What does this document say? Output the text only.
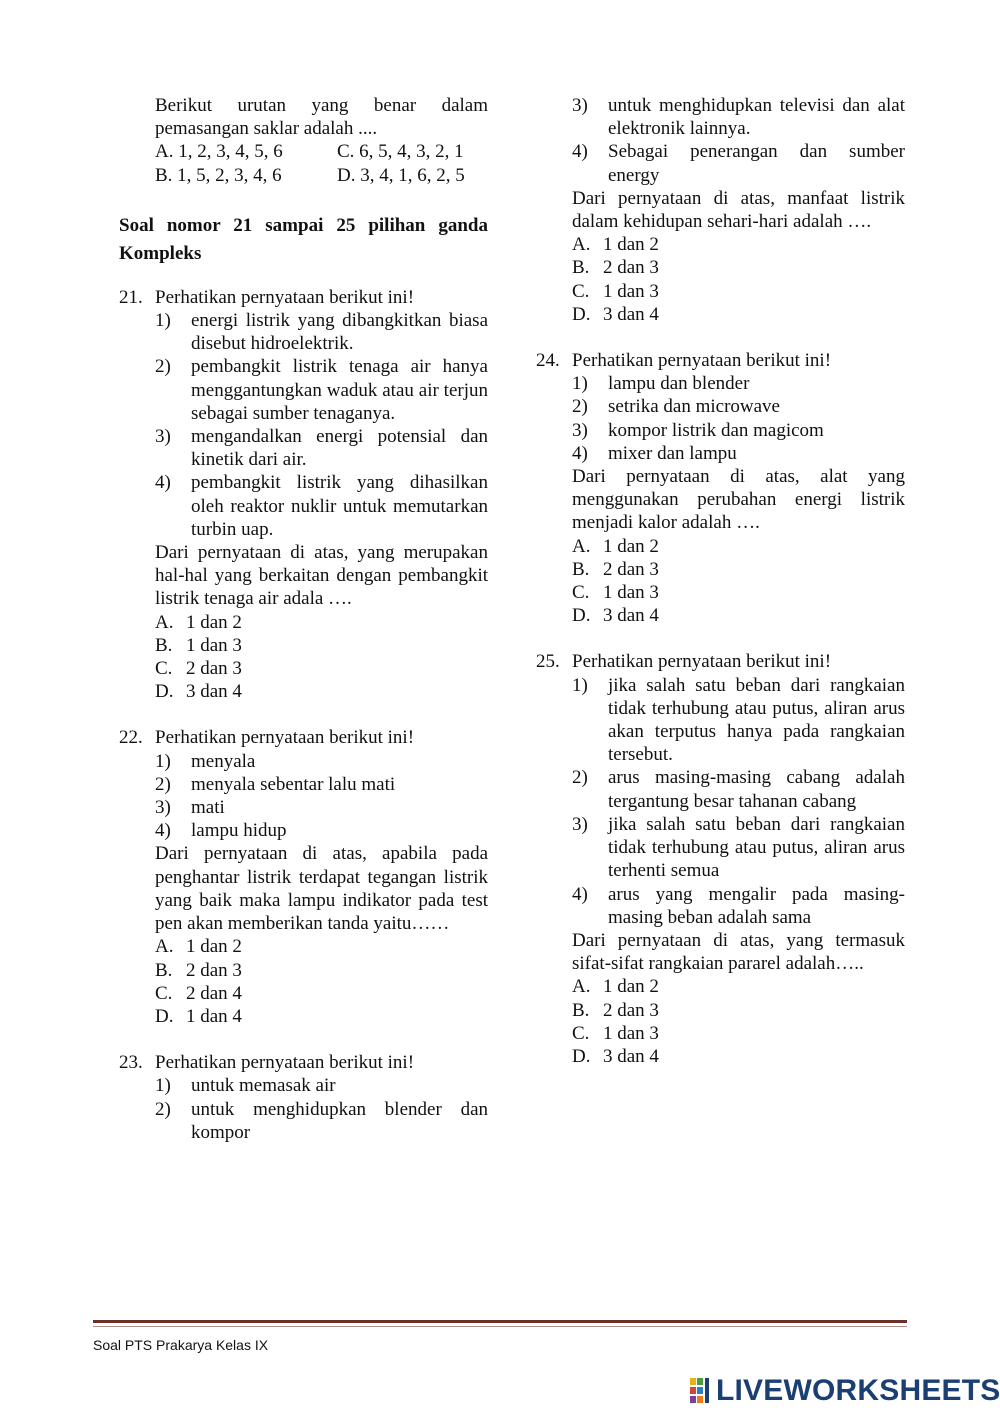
Berikut urutan yang benar dalam pemasangan saklar adalah ....

A. 1, 2, 3, 4, 5, 6	C. 6, 5, 4, 3, 2, 1
B. 1, 5, 2, 3, 4, 6	D. 3, 4, 1, 6, 2, 5

Soal nomor 21 sampai 25 pilihan ganda Kompleks

21. Perhatikan pernyataan berikut ini!
1)	energi listrik yang dibangkitkan biasa disebut hidroelektrik.
2)	pembangkit listrik tenaga air hanya menggantungkan waduk atau air terjun sebagai sumber tenaganya.
3)	mengandalkan energi potensial dan kinetik dari air.
4)	pembangkit listrik yang dihasilkan oleh reaktor nuklir untuk memutarkan turbin uap.

Dari pernyataan di atas, yang merupakan hal-hal yang berkaitan dengan pembangkit listrik tenaga air adala ….

A. 1 dan 2
B. 1 dan 3
C. 2 dan 3
D. 3 dan 4
22. Perhatikan pernyataan berikut ini!
1)	menyala
2)	menyala sebentar lalu mati
3)	mati
4)	lampu hidup

Dari pernyataan di atas, apabila pada penghantar listrik terdapat tegangan listrik yang baik maka lampu indikator pada test pen akan memberikan tanda yaitu……

A. 1 dan 2
B. 2 dan 3
C. 2 dan 4
D. 1 dan 4
23. Perhatikan pernyataan berikut ini!
1)	untuk memasak air
2)	untuk menghidupkan blender dan kompor
3)	untuk menghidupkan televisi dan alat elektronik lainnya.
4)	Sebagai penerangan dan sumber energy

Dari pernyataan di atas, manfaat listrik dalam kehidupan sehari-hari adalah ….

A. 1 dan 2
B. 2 dan 3
C. 1 dan 3
D. 3 dan 4
24. Perhatikan pernyataan berikut ini!
1)	lampu dan blender
2)	setrika dan microwave
3)	kompor listrik dan magicom
4)	mixer dan lampu

Dari pernyataan di atas, alat yang menggunakan perubahan energi listrik menjadi kalor adalah ….

A. 1 dan 2
B. 2 dan 3
C. 1 dan 3
D. 3 dan 4
25. Perhatikan pernyataan berikut ini!
1)	jika salah satu beban dari rangkaian tidak terhubung atau putus, aliran arus akan terputus hanya pada rangkaian tersebut.
2)	arus masing-masing cabang adalah tergantung besar tahanan cabang
3)	jika salah satu beban dari rangkaian tidak terhubung atau putus, aliran arus terhenti semua
4)	arus yang mengalir pada masing-masing beban adalah sama

Dari pernyataan di atas, yang termasuk sifat-sifat rangkaian pararel adalah…..

A. 1 dan 2
B. 2 dan 3
C. 1 dan 3
D. 3 dan 4
Soal PTS Prakarya Kelas IX
LIVEWORKSHEETS
